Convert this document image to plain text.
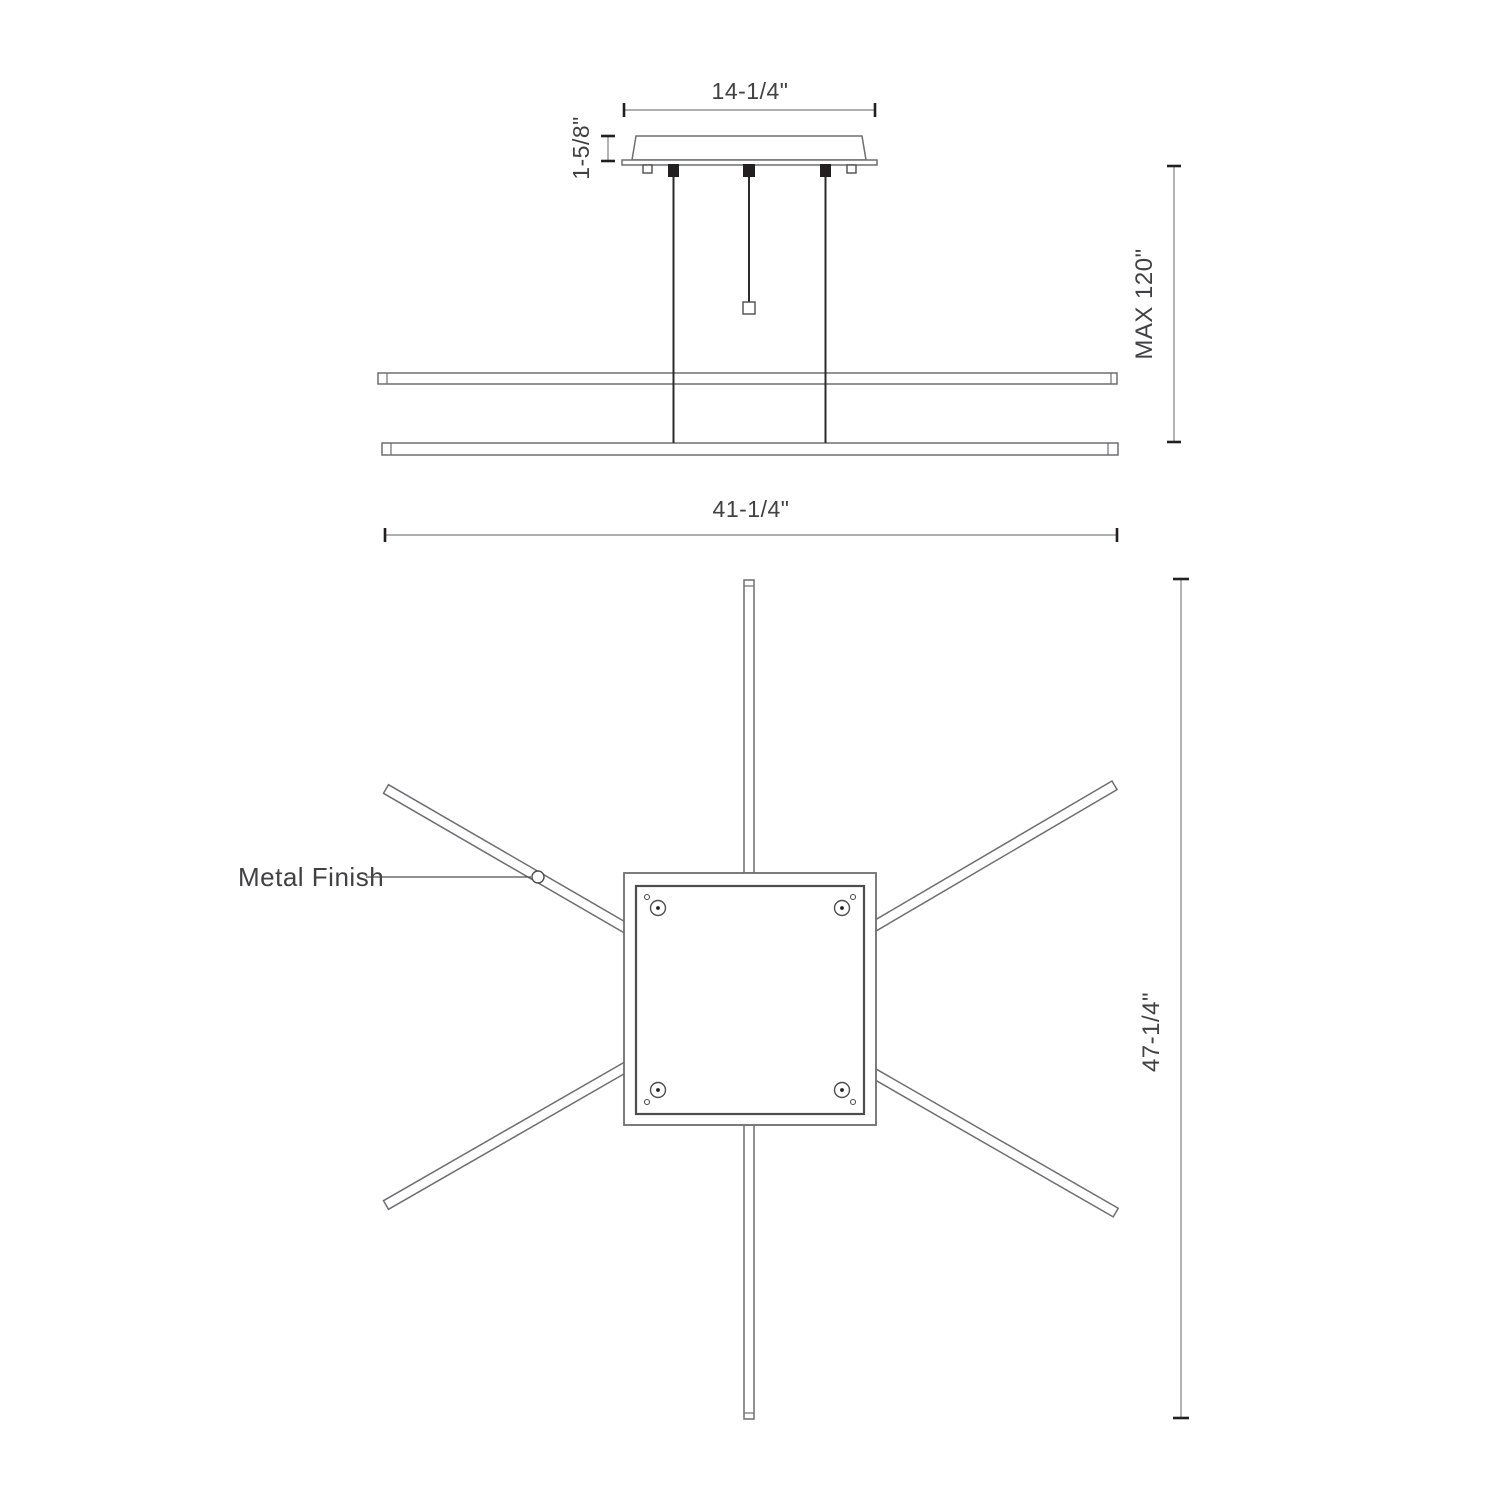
14-1/4"
1-5/8"
MAX 120"
41-1/4"
Metal Finish
47-1/4"
